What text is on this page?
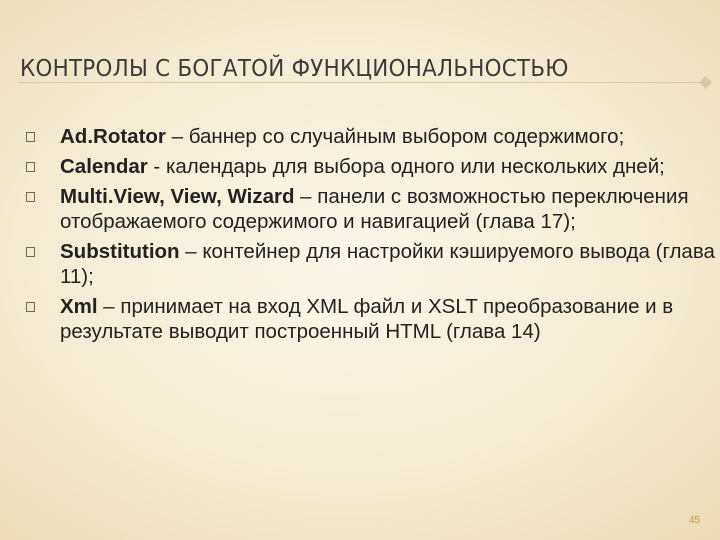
КОНТРОЛЫ С БОГАТОЙ ФУНКЦИОНАЛЬНОСТЬЮ
Ad.Rotator – баннер со случайным выбором содержимого;
Calendar - календарь для выбора одного или нескольких дней;
Multi.View, View, Wizard – панели с возможностью переключения отображаемого содержимого и навигацией (глава 17);
Substitution – контейнер для настройки кэшируемого вывода (глава 11);
Xml – принимает на вход XML файл и XSLT преобразование и в результате выводит построенный HTML (глава 14)
45
